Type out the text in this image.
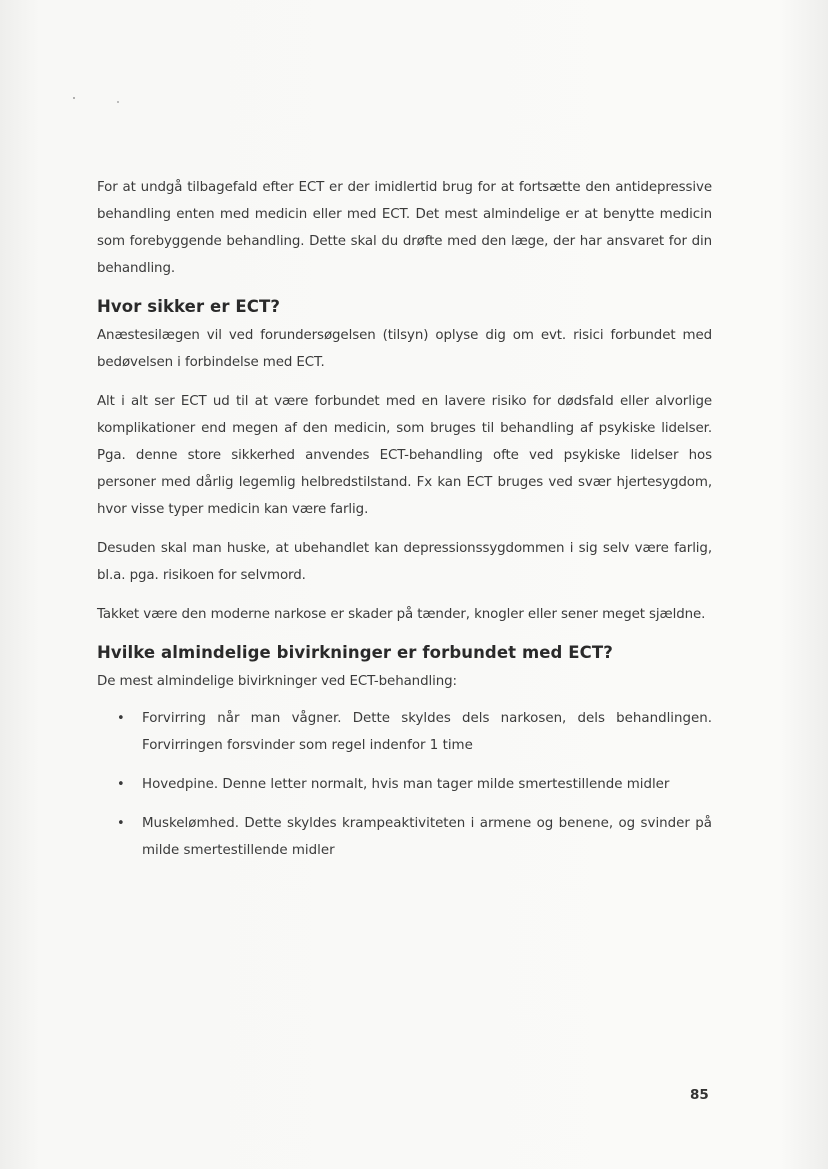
For at undgå tilbagefald efter ECT er der imidlertid brug for at fortsætte den antidepressive behandling enten med medicin eller med ECT. Det mest almindelige er at benytte medicin som forebyggende behandling. Dette skal du drøfte med den læge, der har ansvaret for din behandling.

Hvor sikker er ECT?

Anæstesilægen vil ved forundersøgelsen (tilsyn) oplyse dig om evt. risici forbundet med bedøvelsen i forbindelse med ECT.

Alt i alt ser ECT ud til at være forbundet med en lavere risiko for dødsfald eller alvorlige komplikationer end megen af den medicin, som bruges til behandling af psykiske lidelser. Pga. denne store sikkerhed anvendes ECT-behandling ofte ved psykiske lidelser hos personer med dårlig legemlig helbredstilstand. Fx kan ECT bruges ved svær hjertesygdom, hvor visse typer medicin kan være farlig.

Desuden skal man huske, at ubehandlet kan depressionssygdommen i sig selv være farlig, bl.a. pga. risikoen for selvmord.

Takket være den moderne narkose er skader på tænder, knogler eller sener meget sjældne.

Hvilke almindelige bivirkninger er forbundet med ECT?

De mest almindelige bivirkninger ved ECT-behandling:

• Forvirring når man vågner. Dette skyldes dels narkosen, dels behandlingen. Forvirringen forsvinder som regel indenfor 1 time
• Hovedpine. Denne letter normalt, hvis man tager milde smertestillende midler
• Muskelømhed. Dette skyldes krampeaktiviteten i armene og benene, og svinder på milde smertestillende midler
85
